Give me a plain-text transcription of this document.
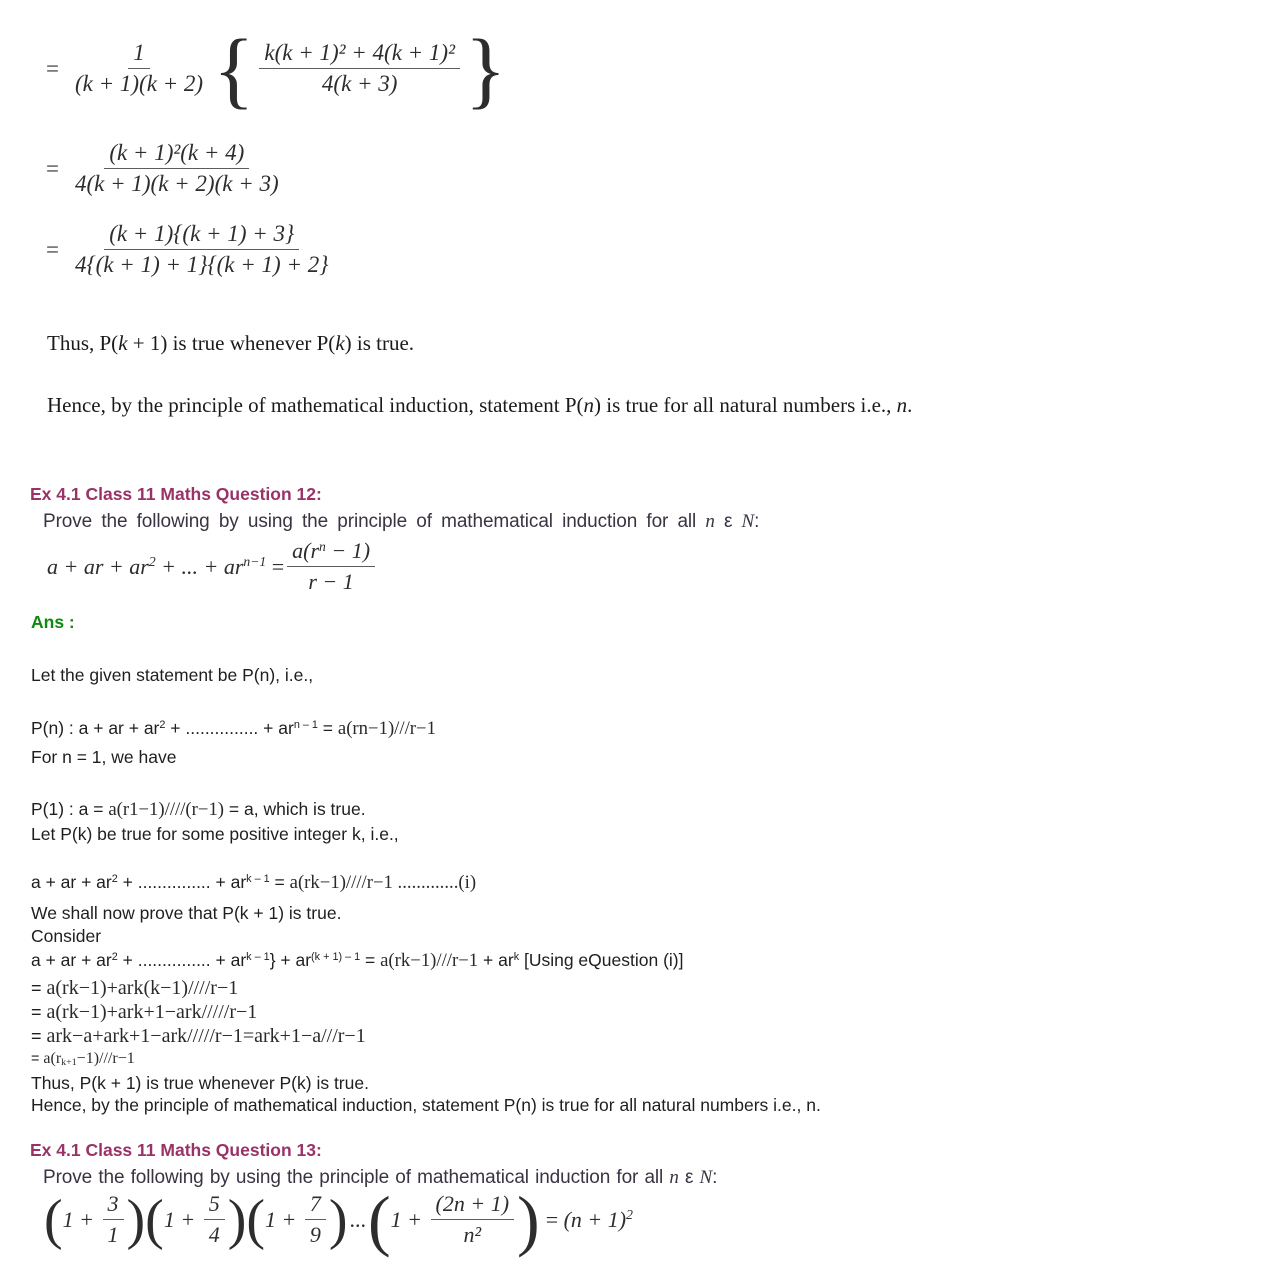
= $\frac{1}{(k + 1)(k + 2)}$ { $\frac{\text{k(k + 1)² + 4(k + 1)²}}{4(k + 3)}$ }
= $\frac{\text{(k + 1)²(k + 4)}}{4(k + 1)(k + 2)(k + 3)}$
= $\frac{(k + 1)\{(k + 1) + 3\}}{4\{(k + 1) + 1\}\{(k + 1) + 2\}}$
Thus, P(k + 1) is true whenever P(k) is true.
Hence, by the principle of mathematical induction, statement P(n) is true for all natural numbers i.e., n.
Ex 4.1 Class 11 Maths Question 12:
Prove the following by using the principle of mathematical induction for all n ε N:
a + ar + $ar^2$ + ... + $ar^{n-1} = \frac{a(r^n - 1)}{r - 1}$
Ans :
Let the given statement be P(n), i.e.,
P(n) : a + ar + $ar^2$ + ............... + $ar^{n - 1} = a(rn-1)///r-1$
For n = 1, we have
P(1) : a = a(r1−1)////(r−1) = a, which is true.
Let P(k) be true for some positive integer k, i.e.,
a + ar + $ar^2$ + ............... + $ar^{k - 1} = a(rk-1)////r-1$ .............(i)
We shall now prove that P(k + 1) is true.
Consider
a + ar + $ar^2$ + ............... + $ar^{k - 1}\} + ar^{(k + 1) - 1} = a(rk-1)///r-1 + ar^k$ [Using eQuestion (i)]
= a(rk−1)+ark(k−1)////r−1
= a(rk−1)+ark+1−ark/////r−1
= ark−a+ark+1−ark/////r−1=ark+1−a///r−1
= a(rk+1−1)///r−1
Thus, P(k + 1) is true whenever P(k) is true.
Hence, by the principle of mathematical induction, statement P(n) is true for all natural numbers i.e., n.
Ex 4.1 Class 11 Maths Question 13:
Prove the following by using the principle of mathematical induction for all n ε N:
( $1 + \frac{3}{1}$ ) ( $1 + \frac{5}{4}$ ) ( $1 + \frac{7}{9}$ ) ... ( $1 + \frac{(2n + 1)}{\text{n²}}$ ) = $(n + 1)^2$
